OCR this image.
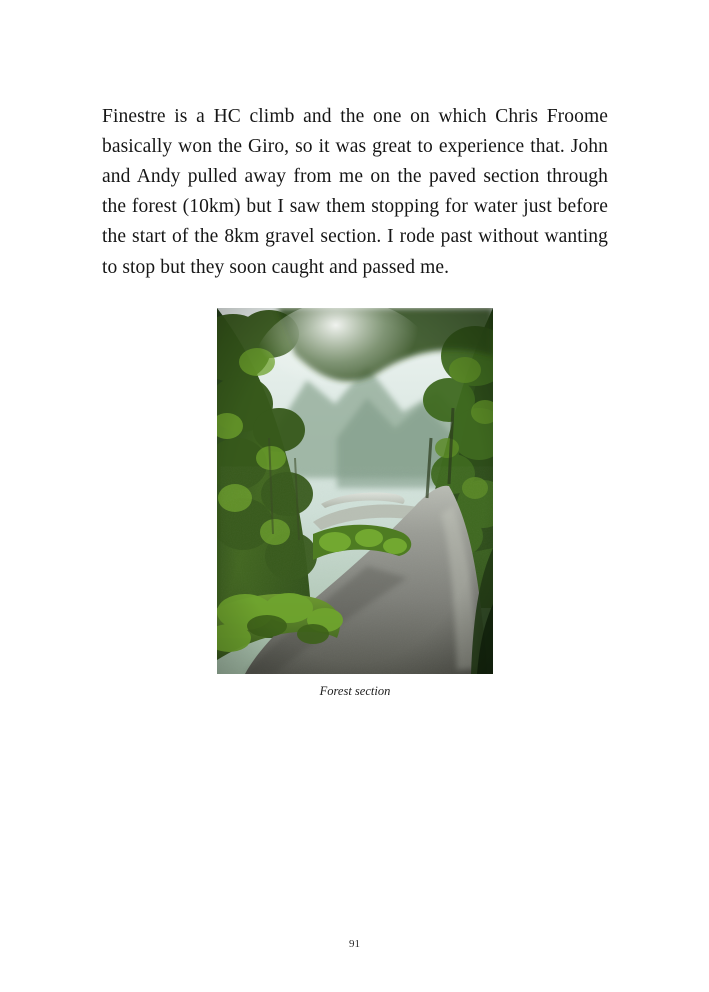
Finestre is a HC climb and the one on which Chris Froome basically won the Giro, so it was great to experience that. John and Andy pulled away from me on the paved section through the forest (10km) but I saw them stopping for water just before the start of the 8km gravel section. I rode past without wanting to stop but they soon caught and passed me.

Forest section
91
